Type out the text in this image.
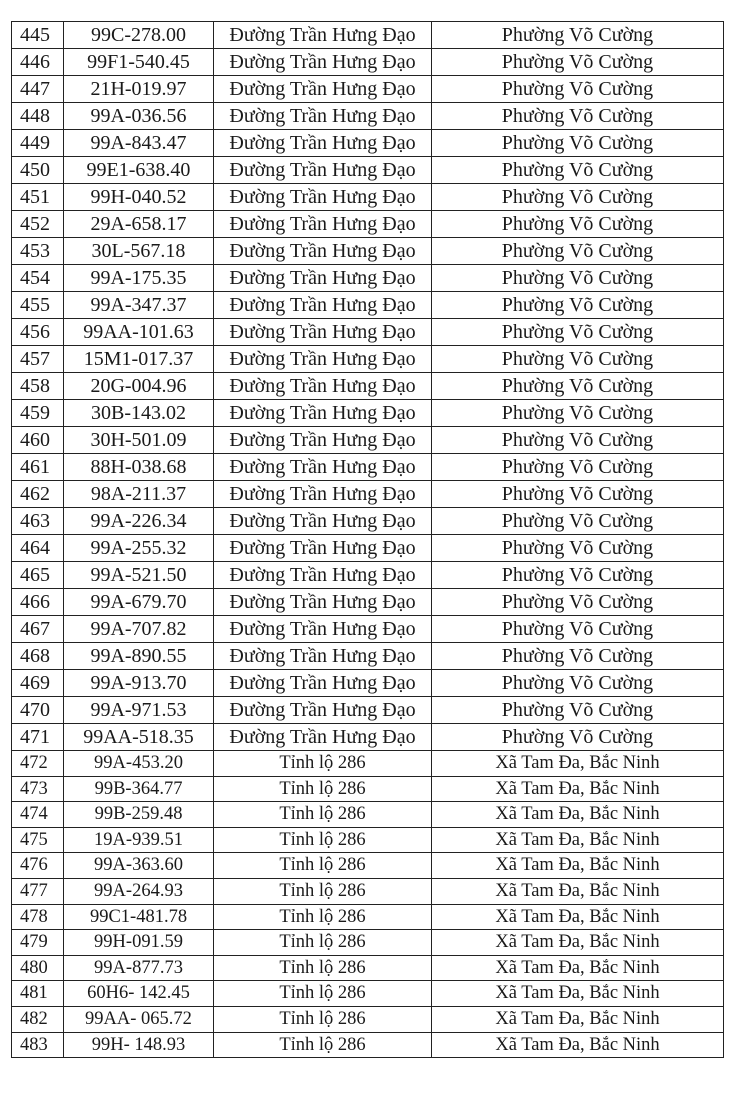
445	99C-278.00	Đường Trần Hưng Đạo	Phường Võ Cường
446	99F1-540.45	Đường Trần Hưng Đạo	Phường Võ Cường
447	21H-019.97	Đường Trần Hưng Đạo	Phường Võ Cường
448	99A-036.56	Đường Trần Hưng Đạo	Phường Võ Cường
449	99A-843.47	Đường Trần Hưng Đạo	Phường Võ Cường
450	99E1-638.40	Đường Trần Hưng Đạo	Phường Võ Cường
451	99H-040.52	Đường Trần Hưng Đạo	Phường Võ Cường
452	29A-658.17	Đường Trần Hưng Đạo	Phường Võ Cường
453	30L-567.18	Đường Trần Hưng Đạo	Phường Võ Cường
454	99A-175.35	Đường Trần Hưng Đạo	Phường Võ Cường
455	99A-347.37	Đường Trần Hưng Đạo	Phường Võ Cường
456	99AA-101.63	Đường Trần Hưng Đạo	Phường Võ Cường
457	15M1-017.37	Đường Trần Hưng Đạo	Phường Võ Cường
458	20G-004.96	Đường Trần Hưng Đạo	Phường Võ Cường
459	30B-143.02	Đường Trần Hưng Đạo	Phường Võ Cường
460	30H-501.09	Đường Trần Hưng Đạo	Phường Võ Cường
461	88H-038.68	Đường Trần Hưng Đạo	Phường Võ Cường
462	98A-211.37	Đường Trần Hưng Đạo	Phường Võ Cường
463	99A-226.34	Đường Trần Hưng Đạo	Phường Võ Cường
464	99A-255.32	Đường Trần Hưng Đạo	Phường Võ Cường
465	99A-521.50	Đường Trần Hưng Đạo	Phường Võ Cường
466	99A-679.70	Đường Trần Hưng Đạo	Phường Võ Cường
467	99A-707.82	Đường Trần Hưng Đạo	Phường Võ Cường
468	99A-890.55	Đường Trần Hưng Đạo	Phường Võ Cường
469	99A-913.70	Đường Trần Hưng Đạo	Phường Võ Cường
470	99A-971.53	Đường Trần Hưng Đạo	Phường Võ Cường
471	99AA-518.35	Đường Trần Hưng Đạo	Phường Võ Cường
472	99A-453.20	Tỉnh lộ 286	Xã Tam Đa, Bắc Ninh
473	99B-364.77	Tỉnh lộ 286	Xã Tam Đa, Bắc Ninh
474	99B-259.48	Tỉnh lộ 286	Xã Tam Đa, Bắc Ninh
475	19A-939.51	Tỉnh lộ 286	Xã Tam Đa, Bắc Ninh
476	99A-363.60	Tỉnh lộ 286	Xã Tam Đa, Bắc Ninh
477	99A-264.93	Tỉnh lộ 286	Xã Tam Đa, Bắc Ninh
478	99C1-481.78	Tỉnh lộ 286	Xã Tam Đa, Bắc Ninh
479	99H-091.59	Tỉnh lộ 286	Xã Tam Đa, Bắc Ninh
480	99A-877.73	Tỉnh lộ 286	Xã Tam Đa, Bắc Ninh
481	60H6- 142.45	Tỉnh lộ 286	Xã Tam Đa, Bắc Ninh
482	99AA- 065.72	Tỉnh lộ 286	Xã Tam Đa, Bắc Ninh
483	99H- 148.93	Tỉnh lộ 286	Xã Tam Đa, Bắc Ninh
